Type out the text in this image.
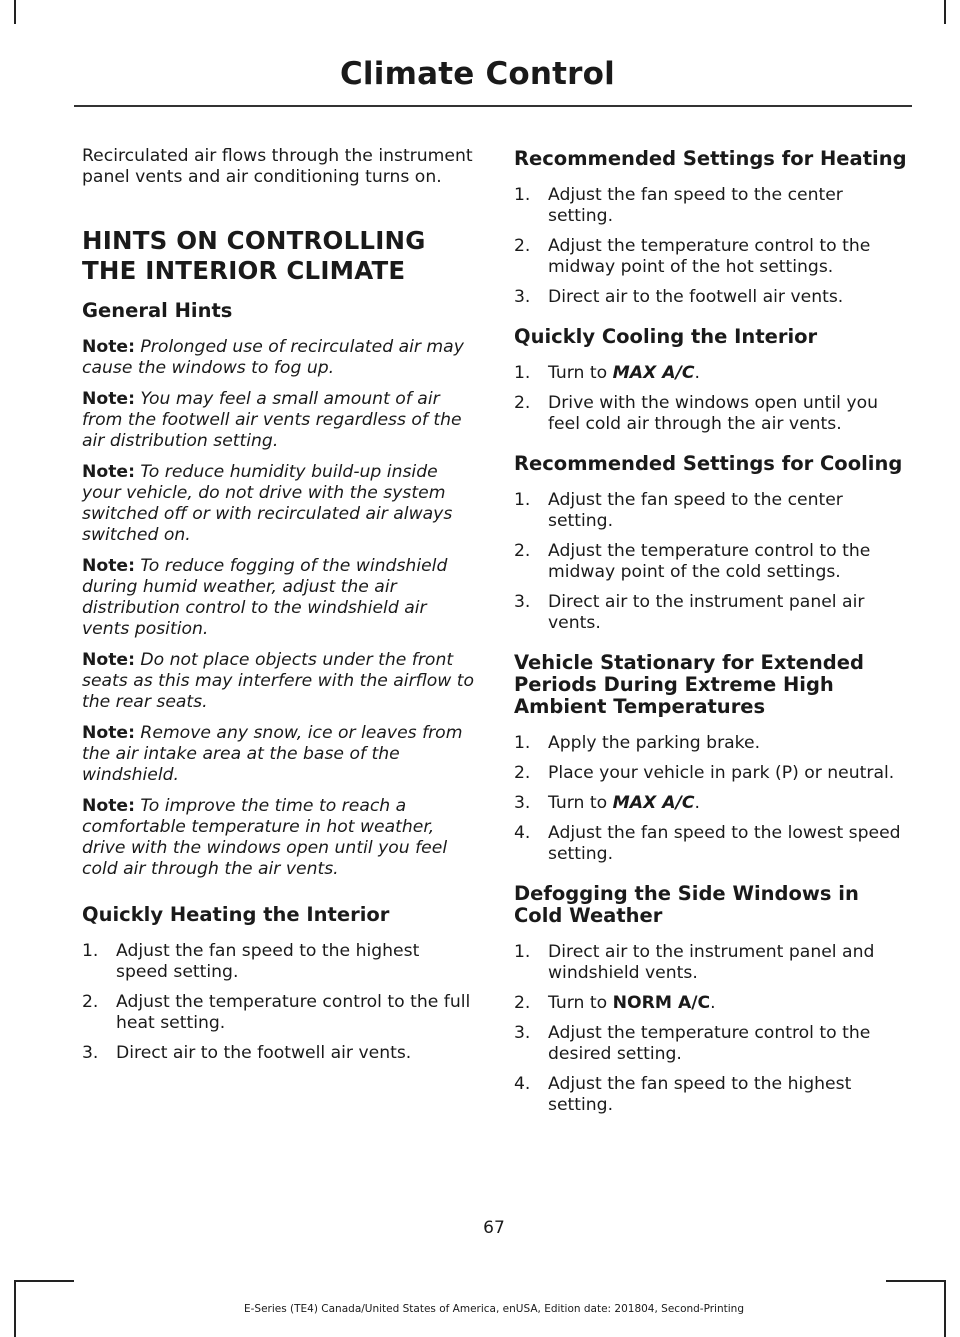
Climate Control

Recirculated air flows through the instrument panel vents and air conditioning turns on.

HINTS ON CONTROLLING THE INTERIOR CLIMATE
General Hints

Note: Prolonged use of recirculated air may cause the windows to fog up.

Note: You may feel a small amount of air from the footwell air vents regardless of the air distribution setting.

Note: To reduce humidity build-up inside your vehicle, do not drive with the system switched off or with recirculated air always switched on.

Note: To reduce fogging of the windshield during humid weather, adjust the air distribution control to the windshield air vents position.

Note: Do not place objects under the front seats as this may interfere with the airflow to the rear seats.

Note: Remove any snow, ice or leaves from the air intake area at the base of the windshield.

Note: To improve the time to reach a comfortable temperature in hot weather, drive with the windows open until you feel cold air through the air vents.

Quickly Heating the Interior
1.	Adjust the fan speed to the highest speed setting.
2.	Adjust the temperature control to the full heat setting.
3.	Direct air to the footwell air vents.
Recommended Settings for Heating
1.	Adjust the fan speed to the center setting.
2.	Adjust the temperature control to the midway point of the hot settings.
3.	Direct air to the footwell air vents.
Quickly Cooling the Interior
1.	Turn to MAX A/C.
2.	Drive with the windows open until you feel cold air through the air vents.
Recommended Settings for Cooling
1.	Adjust the fan speed to the center setting.
2.	Adjust the temperature control to the midway point of the cold settings.
3.	Direct air to the instrument panel air vents.
Vehicle Stationary for Extended Periods During Extreme High Ambient Temperatures
1.	Apply the parking brake.
2.	Place your vehicle in park (P) or neutral.
3.	Turn to MAX A/C.
4.	Adjust the fan speed to the lowest speed setting.
Defogging the Side Windows in Cold Weather
1.	Direct air to the instrument panel and windshield vents.
2.	Turn to NORM A/C.
3.	Adjust the temperature control to the desired setting.
4.	Adjust the fan speed to the highest setting.
67
E-Series (TE4) Canada/United States of America, enUSA, Edition date: 201804, Second-Printing
